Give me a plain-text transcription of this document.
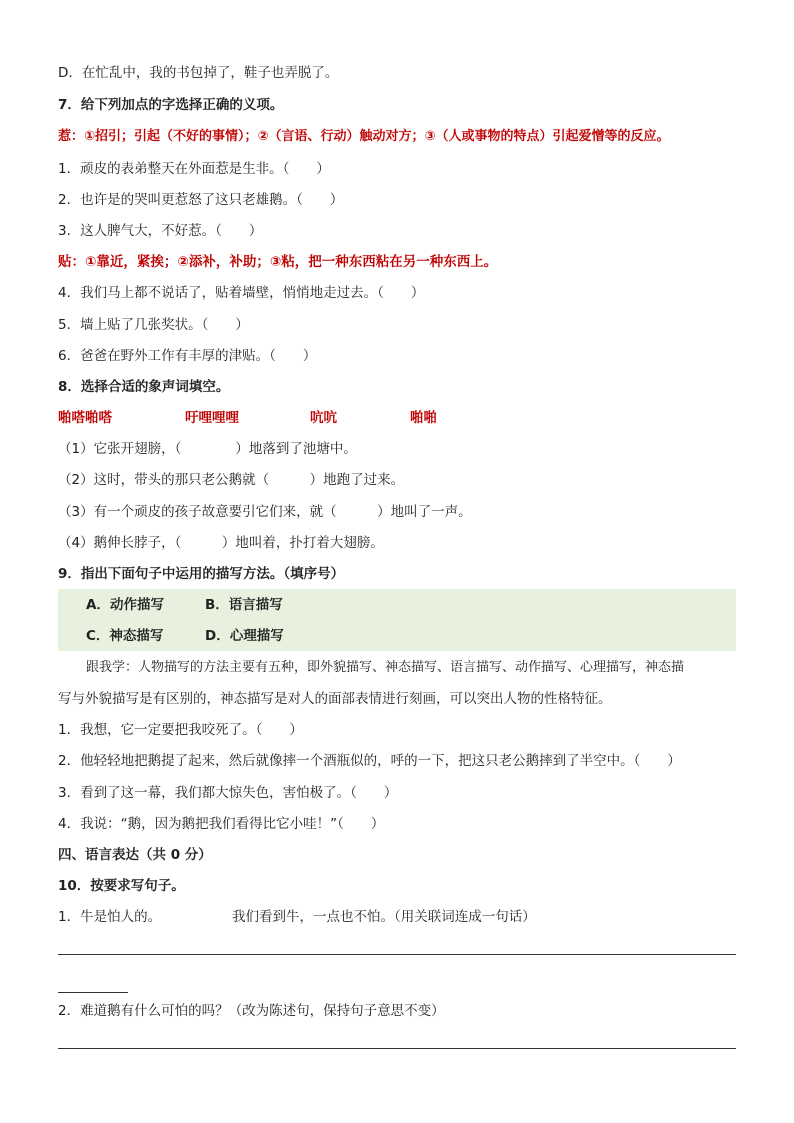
D．在忙乱中，我的书包掉了，鞋子也弄脱了。
7．给下列加点的字选择正确的义项。
惹：①招引；引起（不好的事情）；②（言语、行动）触动对方；③（人或事物的特点）引起爱憎等的反应。
1．顽皮的表弟整天在外面惹是生非。（　　）
2．也许是的哭叫更惹怒了这只老雄鹅。（　　）
3．这人脾气大，不好惹。（　　）
贴：①靠近，紧挨；②添补，补助；③粘，把一种东西粘在另一种东西上。
4．我们马上都不说话了，贴着墙壁，悄悄地走过去。（　　）
5．墙上贴了几张奖状。（　　）
6．爸爸在野外工作有丰厚的津贴。（　　）
8．选择合适的象声词填空。
啪嗒啪嗒	吁哩哩哩	吭吭	啪啪
（1）它张开翅膀，（　　　　）地落到了池塘中。
（2）这时，带头的那只老公鹅就（　　　）地跑了过来。
（3）有一个顽皮的孩子故意要引它们来，就（　　　）地叫了一声。
（4）鹅伸长脖子，（　　　）地叫着，扑打着大翅膀。
9．指出下面句子中运用的描写方法。（填序号）
A．动作描写	B．语言描写
C．神态描写	D．心理描写
跟我学：人物描写的方法主要有五种，即外貌描写、神态描写、语言描写、动作描写、心理描写，神态描
写与外貌描写是有区别的，神态描写是对人的面部表情进行刻画，可以突出人物的性格特征。
1．我想，它一定要把我咬死了。（　　）
2．他轻轻地把鹅提了起来，然后就像摔一个酒瓶似的，呼的一下，把这只老公鹅摔到了半空中。（　　）
3．看到了这一幕，我们都大惊失色，害怕极了。（　　）
4．我说：“鹅，因为鹅把我们看得比它小哇！”（　　）
四、语言表达（共 0 分）
10．按要求写句子。
1．牛是怕人的。	我们看到牛，一点也不怕。（用关联词连成一句话）
2．难道鹅有什么可怕的吗？（改为陈述句，保持句子意思不变）
